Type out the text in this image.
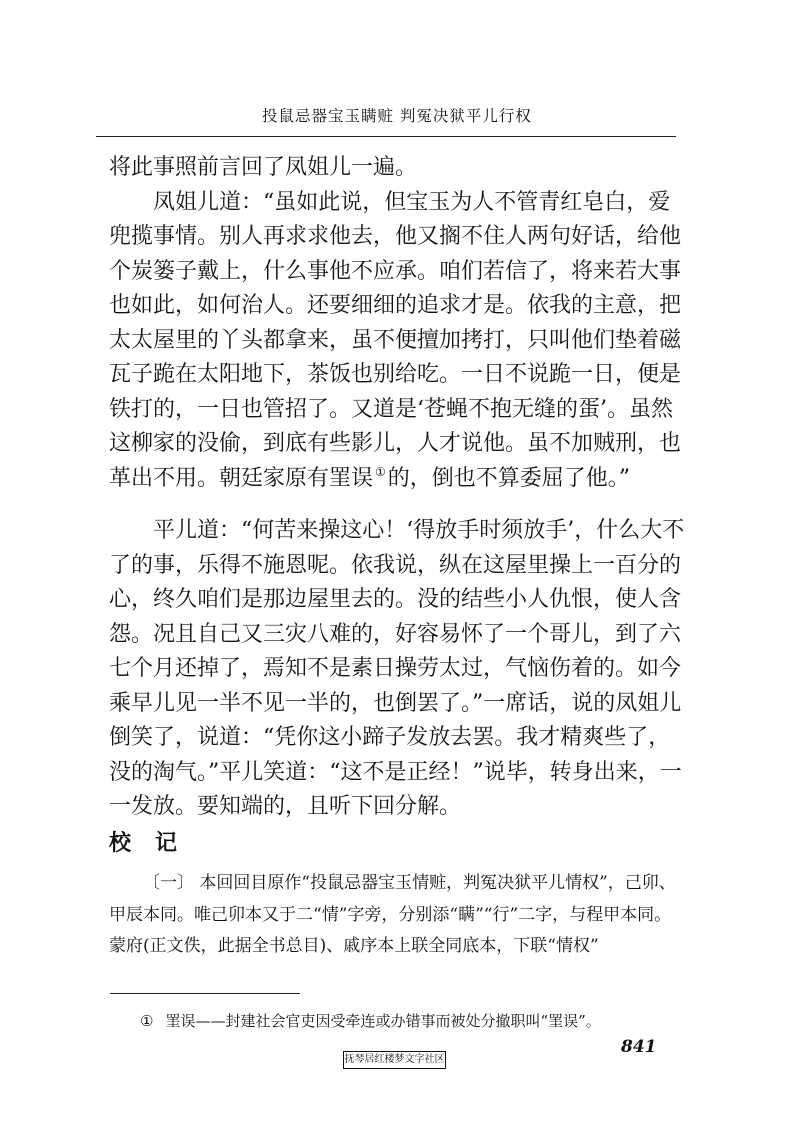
投鼠忌器宝玉瞒赃 判冤决狱平儿行权

将此事照前言回了凤姐儿一遍。

凤姐儿道：“虽如此说，但宝玉为人不管青红皂白，爱兜揽事情。别人再求求他去，他又搁不住人两句好话，给他个炭篓子戴上，什么事他不应承。咱们若信了，将来若大事也如此，如何治人。还要细细的追求才是。依我的主意，把太太屋里的丫头都拿来，虽不便擅加拷打，只叫他们垫着磁瓦子跪在太阳地下，茶饭也别给吃。一日不说跪一日，便是铁打的，一日也管招了。又道是‘苍蝇不抱无缝的蛋’。虽然这柳家的没偷，到底有些影儿，人才说他。虽不加贼刑，也革出不用。朝廷家原有罣误 ①的，倒也不算委屈了他。”

平儿道：“何苦来操这心！‘得放手时须放手’，什么大不了的事，乐得不施恩呢。依我说，纵在这屋里操上一百分的心，终久咱们是那边屋里去的。没的结些小人仇恨，使人含怨。况且自己又三灾八难的，好容易怀了一个哥儿，到了六七个月还掉了，焉知不是素日操劳太过，气恼伤着的。如今乘早儿见一半不见一半的，也倒罢了。”一席话，说的凤姐儿倒笑了，说道：“凭你这小蹄子发放去罢。我才精爽些了，没的淘气。”平儿笑道：“这不是正经！”说毕，转身出来，一一发放。要知端的，且听下回分解。

校记

〔一〕 本回回目原作“投鼠忌器宝玉情赃，判冤决狱平儿情权”，己卯、甲辰本同。唯己卯本又于二“情”字旁，分别添“瞒”“行”二字，与程甲本同。蒙府(正文佚，此据全书总目)、戚序本上联全同底本，下联“情权”

① 罣误——封建社会官吏因受牵连或办错事而被处分撤职叫“罣误”。
841
抚琴居红楼梦文字社区
